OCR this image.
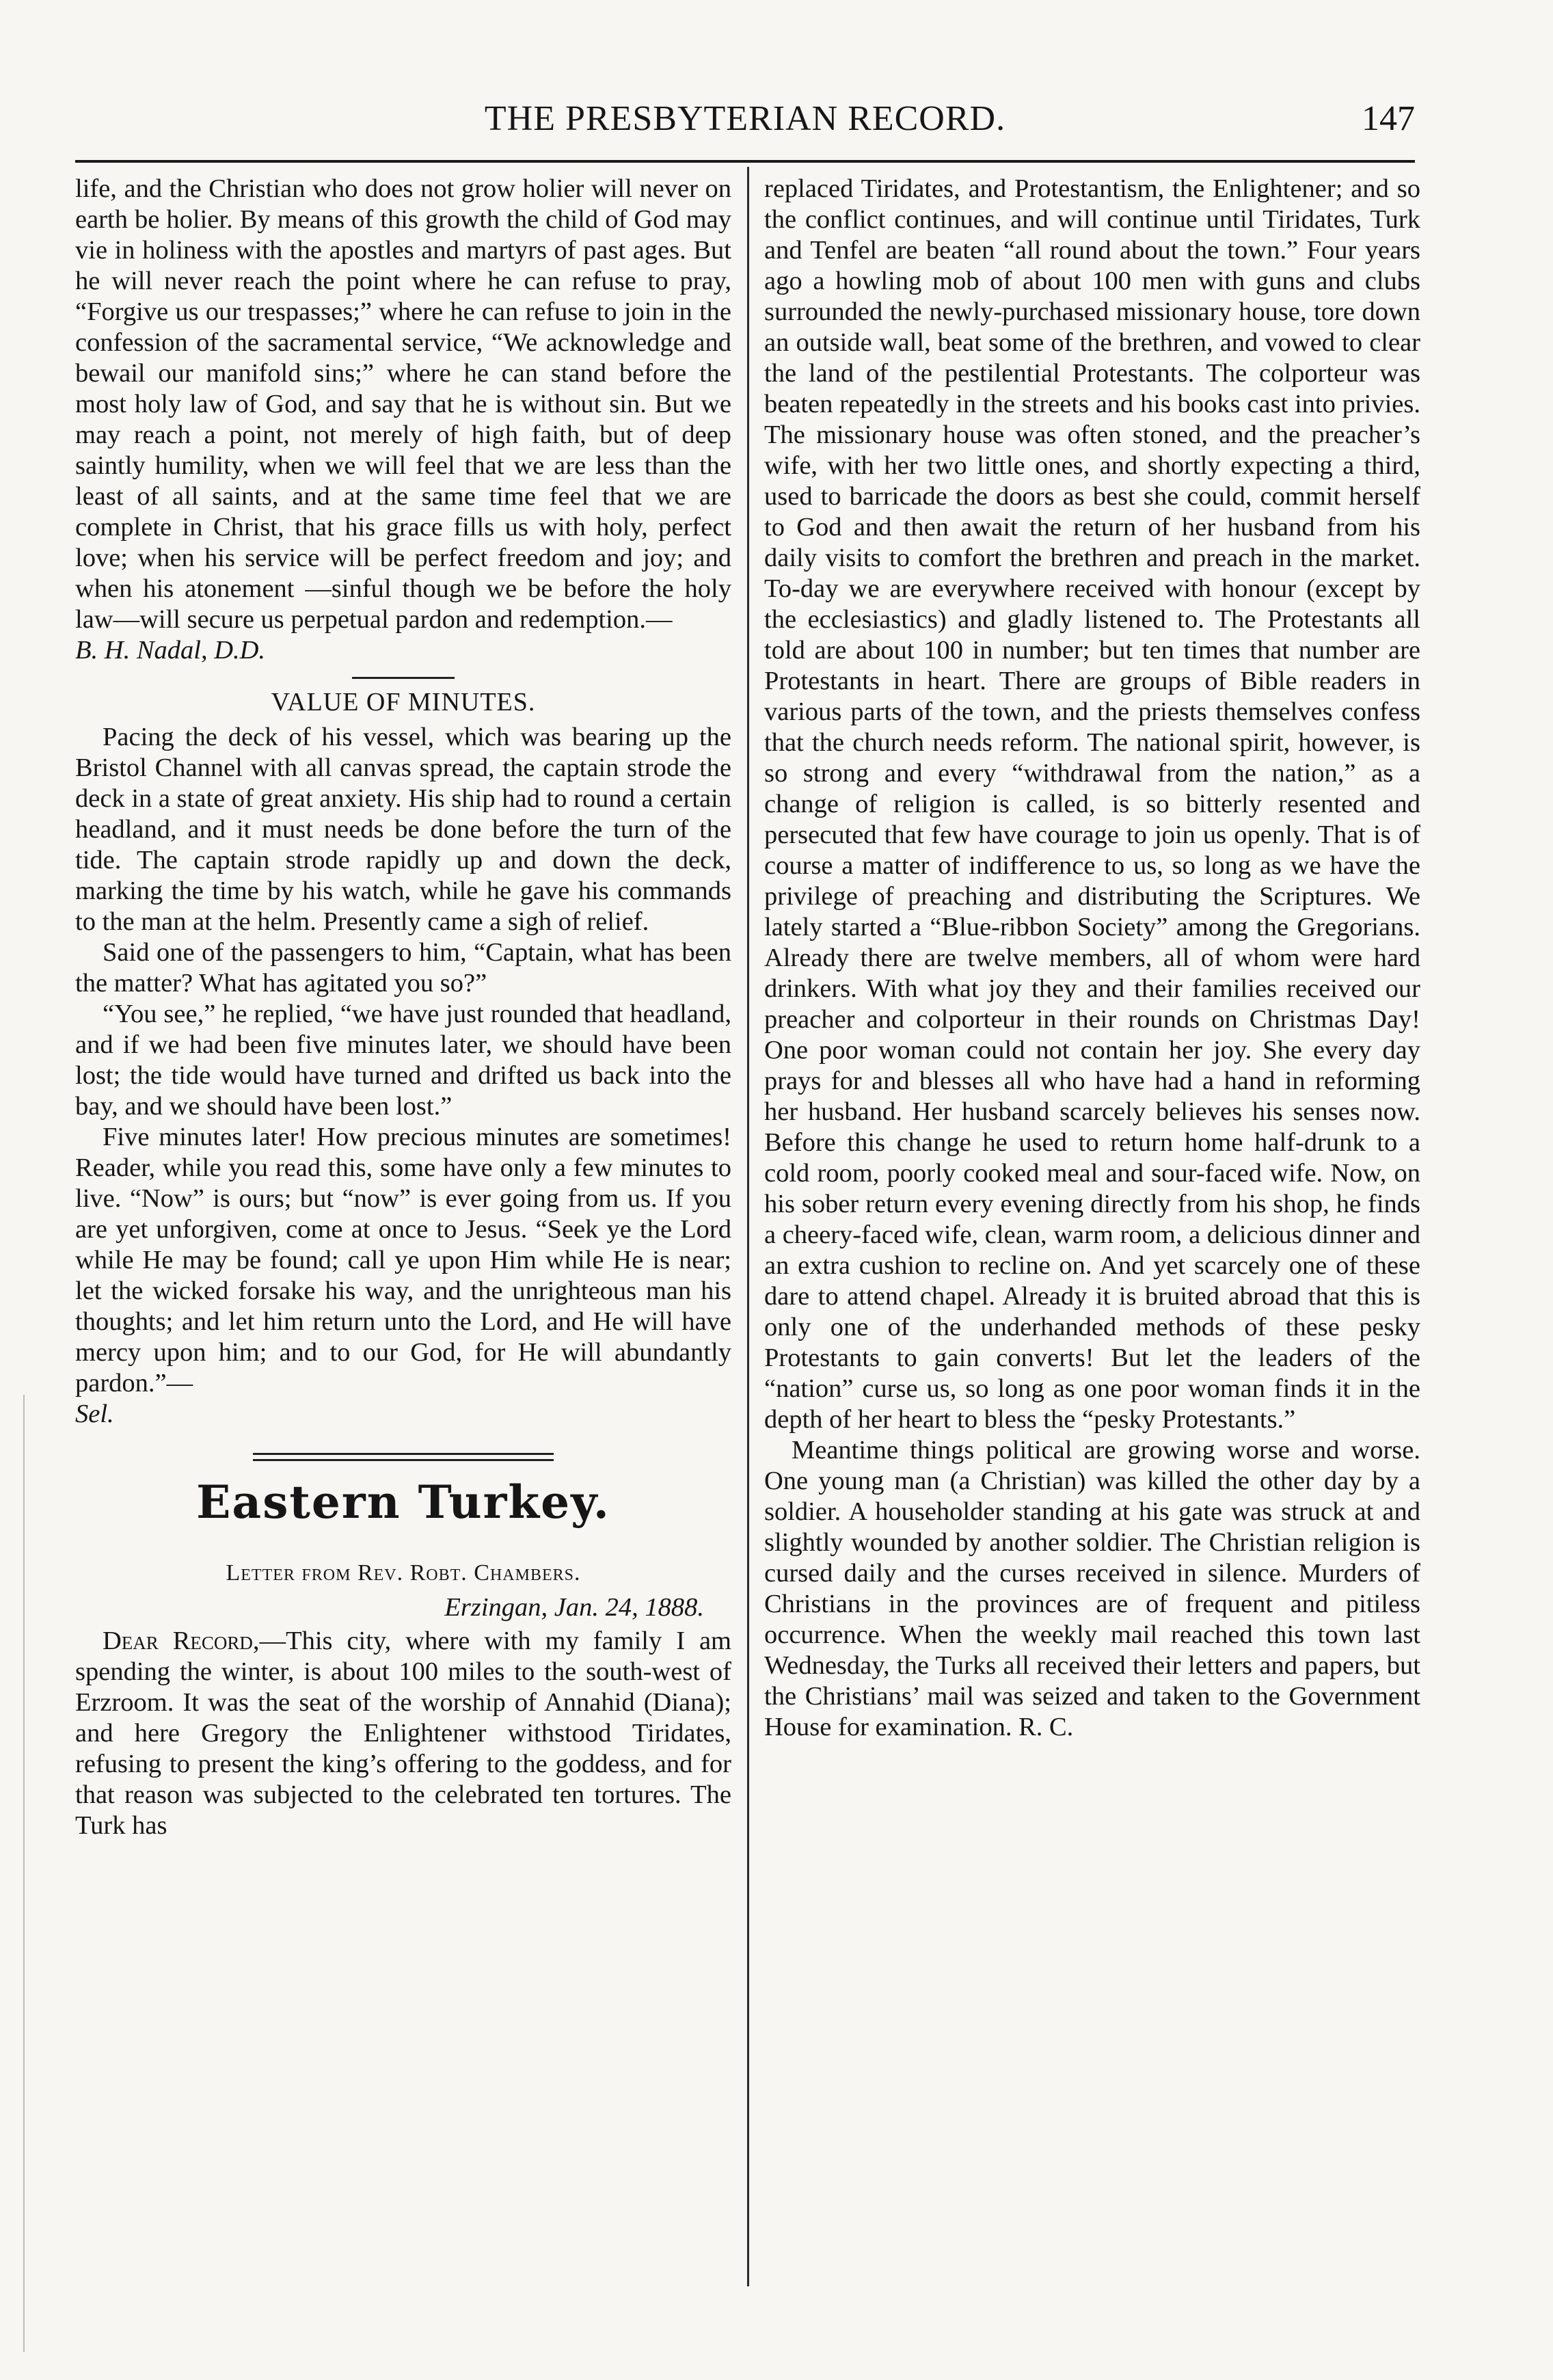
THE PRESBYTERIAN RECORD.	147

life, and the Christian who does not grow holier will never on earth be holier. By means of this growth the child of God may vie in holiness with the apostles and martyrs of past ages. But he will never reach the point where he can refuse to pray, “Forgive us our trespasses;” where he can refuse to join in the confession of the sacramental service, “We acknowledge and bewail our manifold sins;” where he can stand before the most holy law of God, and say that he is without sin. But we may reach a point, not merely of high faith, but of deep saintly humility, when we will feel that we are less than the least of all saints, and at the same time feel that we are complete in Christ, that his grace fills us with holy, perfect love; when his service will be perfect freedom and joy; and when his atonement —sinful though we be before the holy law—will secure us perpetual pardon and redemption.—
B. H. Nadal, D.D.

VALUE OF MINUTES.

Pacing the deck of his vessel, which was bearing up the Bristol Channel with all canvas spread, the captain strode the deck in a state of great anxiety. His ship had to round a certain headland, and it must needs be done before the turn of the tide. The captain strode rapidly up and down the deck, marking the time by his watch, while he gave his commands to the man at the helm. Presently came a sigh of relief.

Said one of the passengers to him, “Captain, what has been the matter? What has agitated you so?”

“You see,” he replied, “we have just rounded that headland, and if we had been five minutes later, we should have been lost; the tide would have turned and drifted us back into the bay, and we should have been lost.”

Five minutes later! How precious minutes are sometimes! Reader, while you read this, some have only a few minutes to live. “Now” is ours; but “now” is ever going from us. If you are yet unforgiven, come at once to Jesus. “Seek ye the Lord while He may be found; call ye upon Him while He is near; let the wicked forsake his way, and the unrighteous man his thoughts; and let him return unto the Lord, and He will have mercy upon him; and to our God, for He will abundantly pardon.”—
Sel.

Eastern Turkey.
Letter from Rev. Robt. Chambers.
Erzingan, Jan. 24, 1888.

Dear Record,—This city, where with my family I am spending the winter, is about 100 miles to the south-west of Erzroom. It was the seat of the worship of Annahid (Diana); and here Gregory the Enlightener withstood Tiridates, refusing to present the king’s offering to the goddess, and for that reason was subjected to the celebrated ten tortures. The Turk has

replaced Tiridates, and Protestantism, the Enlightener; and so the conflict continues, and will continue until Tiridates, Turk and Tenfel are beaten “all round about the town.” Four years ago a howling mob of about 100 men with guns and clubs surrounded the newly-purchased missionary house, tore down an outside wall, beat some of the brethren, and vowed to clear the land of the pestilential Protestants. The colporteur was beaten repeatedly in the streets and his books cast into privies. The missionary house was often stoned, and the preacher’s wife, with her two little ones, and shortly expecting a third, used to barricade the doors as best she could, commit herself to God and then await the return of her husband from his daily visits to comfort the brethren and preach in the market. To-day we are everywhere received with honour (except by the ecclesiastics) and gladly listened to. The Protestants all told are about 100 in number; but ten times that number are Protestants in heart. There are groups of Bible readers in various parts of the town, and the priests themselves confess that the church needs reform. The national spirit, however, is so strong and every “withdrawal from the nation,” as a change of religion is called, is so bitterly resented and persecuted that few have courage to join us openly. That is of course a matter of indifference to us, so long as we have the privilege of preaching and distributing the Scriptures. We lately started a “Blue-ribbon Society” among the Gregorians. Already there are twelve members, all of whom were hard drinkers. With what joy they and their families received our preacher and colporteur in their rounds on Christmas Day! One poor woman could not contain her joy. She every day prays for and blesses all who have had a hand in reforming her husband. Her husband scarcely believes his senses now. Before this change he used to return home half-drunk to a cold room, poorly cooked meal and sour-faced wife. Now, on his sober return every evening directly from his shop, he finds a cheery-faced wife, clean, warm room, a delicious dinner and an extra cushion to recline on. And yet scarcely one of these dare to attend chapel. Already it is bruited abroad that this is only one of the underhanded methods of these pesky Protestants to gain converts! But let the leaders of the “nation” curse us, so long as one poor woman finds it in the depth of her heart to bless the “pesky Protestants.”

Meantime things political are growing worse and worse. One young man (a Christian) was killed the other day by a soldier. A householder standing at his gate was struck at and slightly wounded by another soldier. The Christian religion is cursed daily and the curses received in silence. Murders of Christians in the provinces are of frequent and pitiless occurrence. When the weekly mail reached this town last Wednesday, the Turks all received their letters and papers, but the Christians’ mail was seized and taken to the Government House for examination. R. C.
